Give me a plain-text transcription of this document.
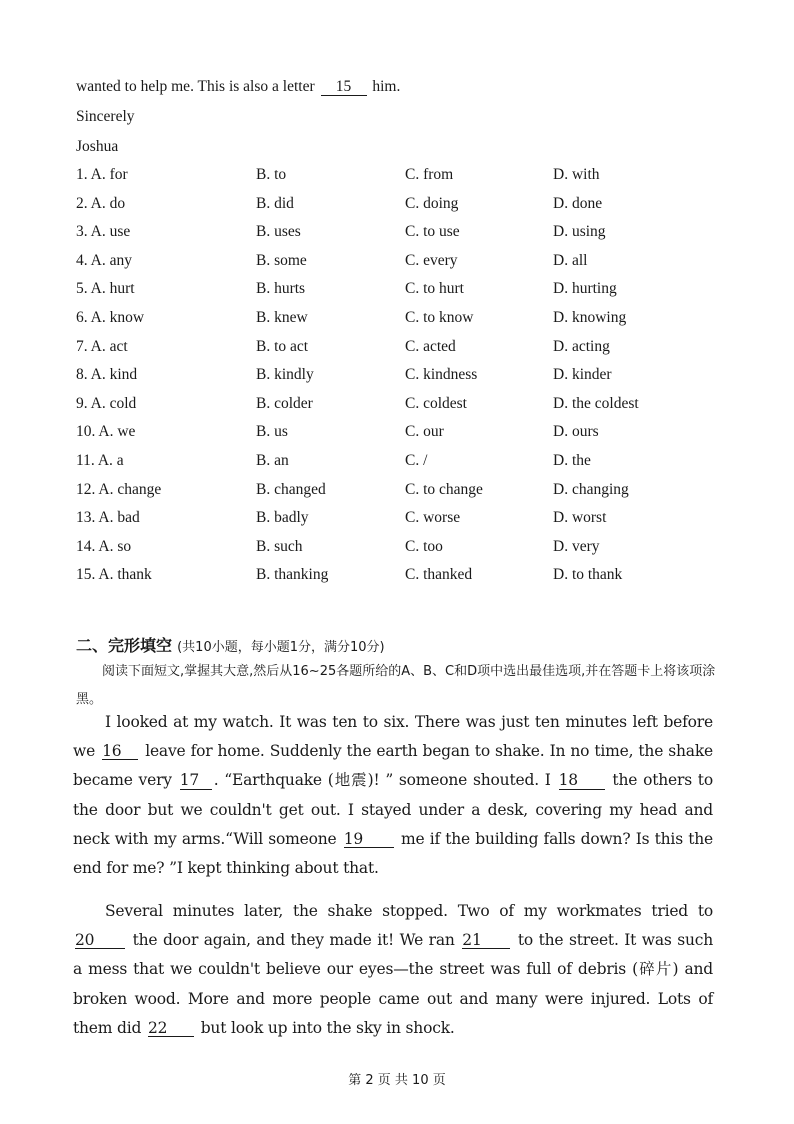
wanted to help me. This is also a letter 15 him.
Sincerely
Joshua
1. A. for	B. to	C. from	D. with
2. A. do	B. did	C. doing	D. done
3. A. use	B. uses	C. to use	D. using
4. A. any	B. some	C. every	D. all
5. A. hurt	B. hurts	C. to hurt	D. hurting
6. A. know	B. knew	C. to know	D. knowing
7. A. act	B. to act	C. acted	D. acting
8. A. kind	B. kindly	C. kindness	D. kinder
9. A. cold	B. colder	C. coldest	D. the coldest
10. A. we	B. us	C. our	D. ours
11. A. a	B. an	C. /	D. the
12. A. change	B. changed	C. to change	D. changing
13. A. bad	B. badly	C. worse	D. worst
14. A. so	B. such	C. too	D. very
15. A. thank	B. thanking	C. thanked	D. to thank
二、完形填空 (共10小题，每小题1分，满分10分)
阅读下面短文,掌握其大意,然后从16~25各题所给的A、B、C和D项中选出最佳选项,并在答题卡上将该项涂黑。
I looked at my watch. It was ten to six. There was just ten minutes left before we 16 leave for home. Suddenly the earth began to shake. In no time, the shake became very 17 . “Earthquake (地震)! ” someone shouted. I 18 the others to the door but we couldn't get out. I stayed under a desk, covering my head and neck with my arms.“Will someone 19 me if the building falls down? Is this the end for me? ”I kept thinking about that.
Several minutes later, the shake stopped. Two of my workmates tried to 20 the door again, and they made it! We ran 21 to the street. It was such a mess that we couldn't believe our eyes—the street was full of debris (碎片) and broken wood. More and more people came out and many were injured. Lots of them did 22 but look up into the sky in shock.
第 2 页 共 10 页
